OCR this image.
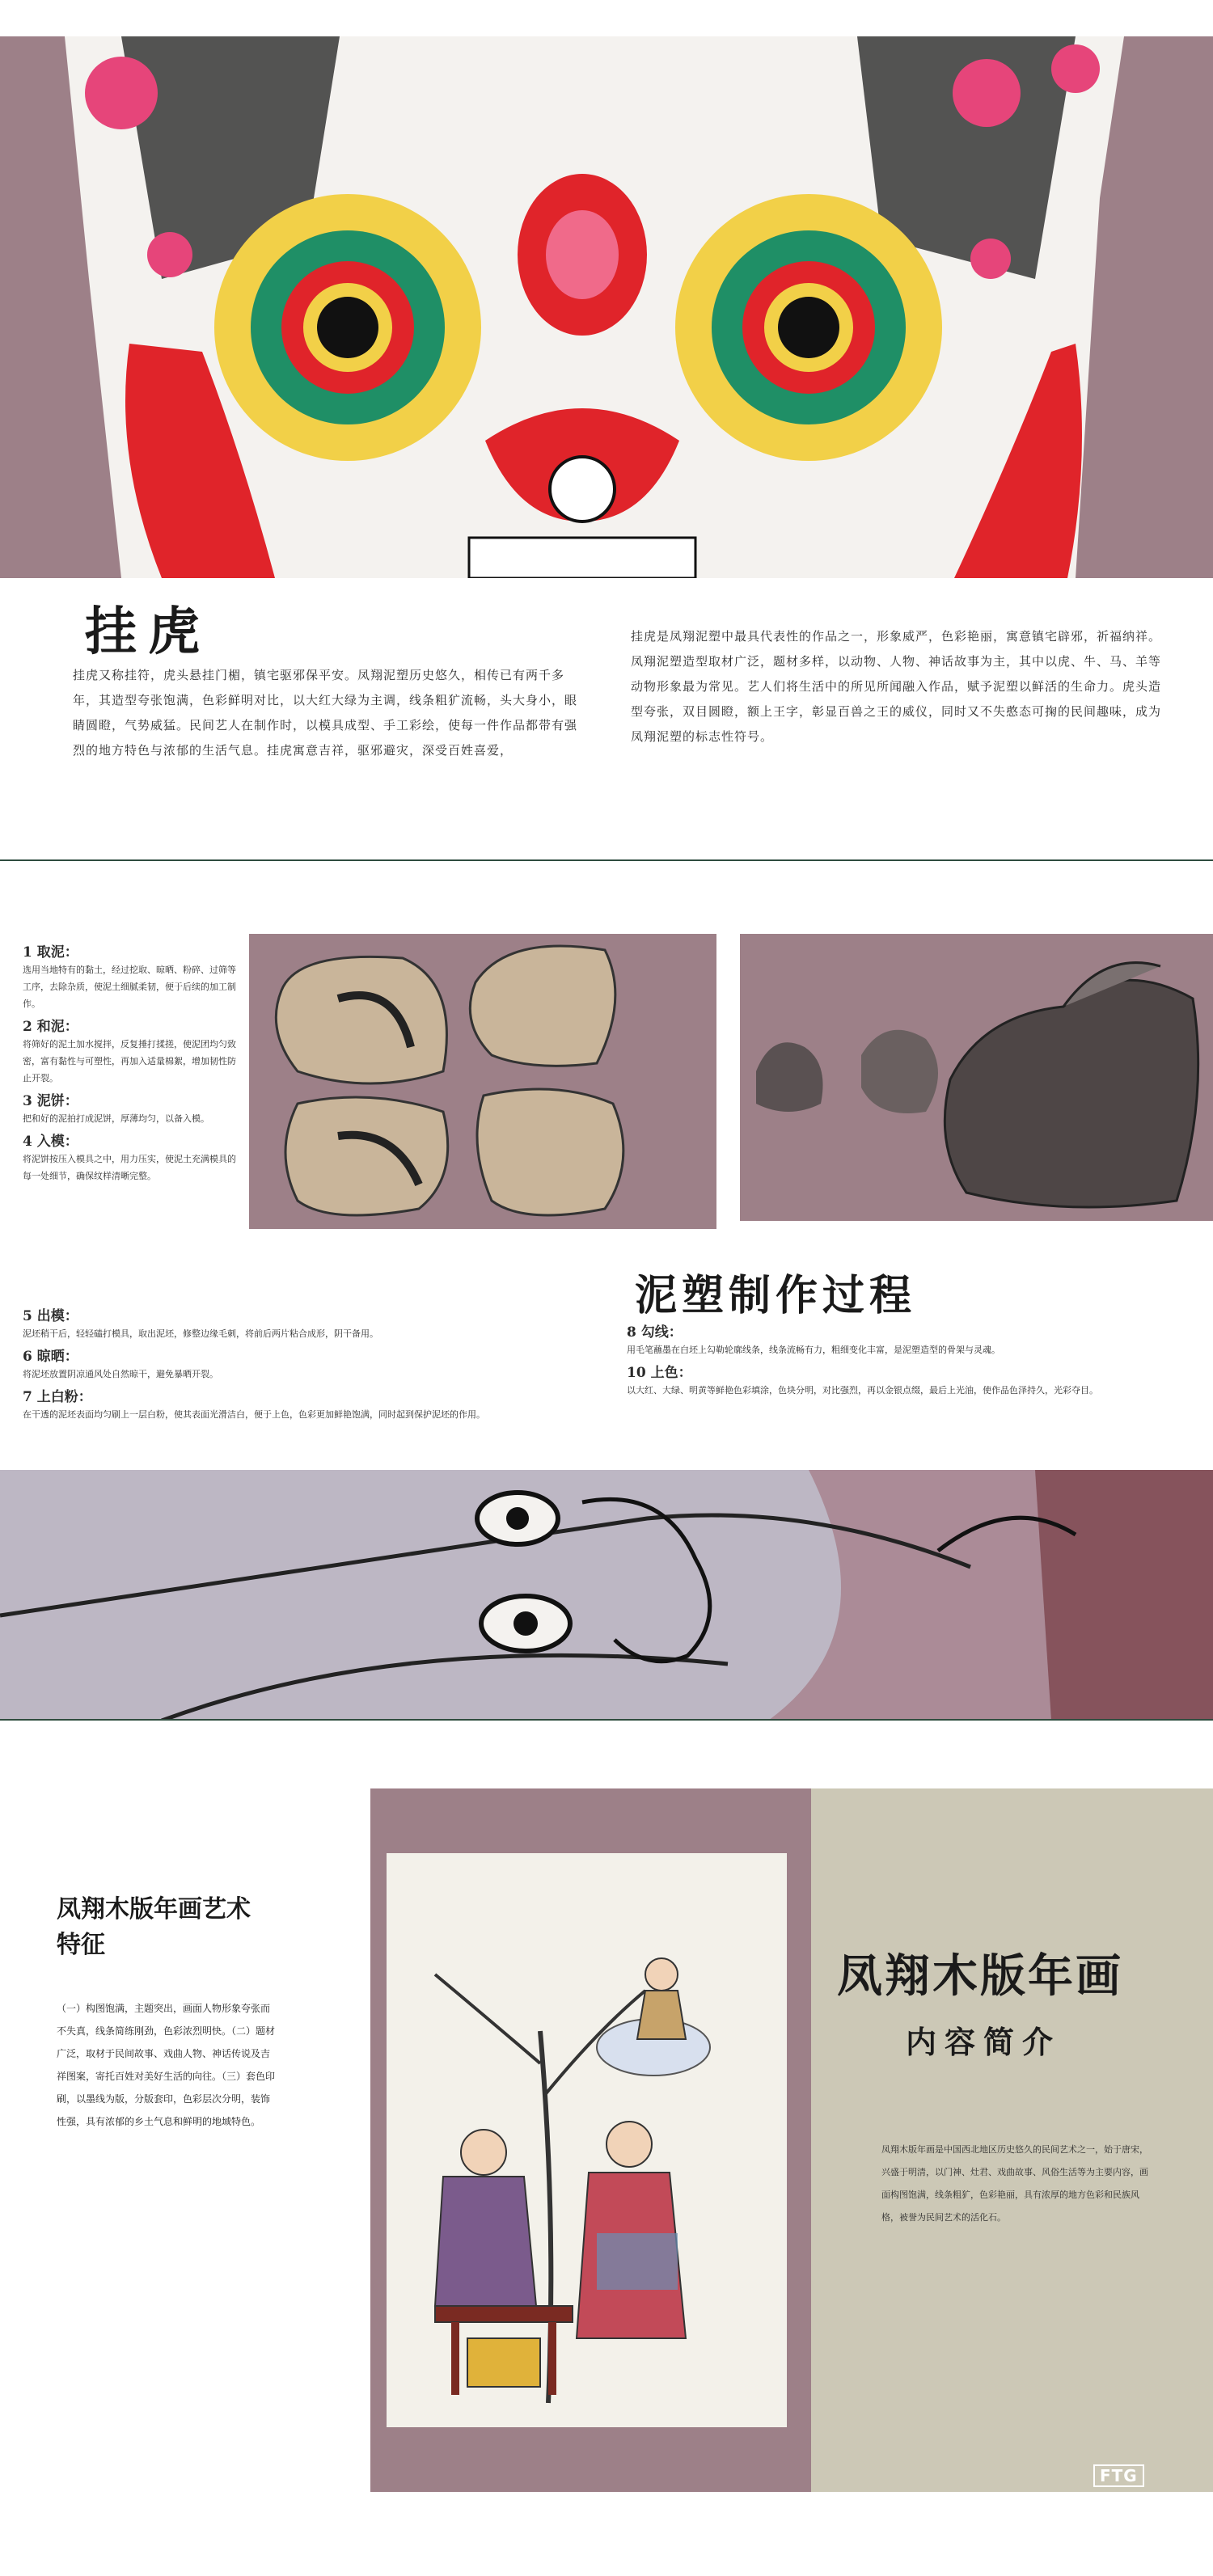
挂虎
挂虎又称挂符，虎头悬挂门楣，镇宅驱邪保平安。凤翔泥塑历史悠久，相传已有两千多年，其造型夸张饱满，色彩鲜明对比，以大红大绿为主调，线条粗犷流畅，头大身小，眼睛圆瞪，气势威猛。民间艺人在制作时，以模具成型、手工彩绘，使每一件作品都带有强烈的地方特色与浓郁的生活气息。挂虎寓意吉祥，驱邪避灾，深受百姓喜爱，
挂虎是凤翔泥塑中最具代表性的作品之一，形象威严，色彩艳丽，寓意镇宅辟邪，祈福纳祥。凤翔泥塑造型取材广泛，题材多样，以动物、人物、神话故事为主，其中以虎、牛、马、羊等动物形象最为常见。艺人们将生活中的所见所闻融入作品，赋予泥塑以鲜活的生命力。虎头造型夸张，双目圆瞪，额上王字，彰显百兽之王的威仪，同时又不失憨态可掬的民间趣味，成为凤翔泥塑的标志性符号。
1 取泥：
选用当地特有的黏土，经过挖取、晾晒、粉碎、过筛等工序，去除杂质，使泥土细腻柔韧，便于后续的加工制作。
2 和泥：
将筛好的泥土加水搅拌，反复捶打揉搓，使泥团均匀致密，富有黏性与可塑性，再加入适量棉絮，增加韧性防止开裂。
3 泥饼：
把和好的泥拍打成泥饼，厚薄均匀，以备入模。
4 入模：
将泥饼按压入模具之中，用力压实，使泥土充满模具的每一处细节，确保纹样清晰完整。
泥塑制作过程
5 出模：
泥坯稍干后，轻轻磕打模具，取出泥坯，修整边缘毛刺，将前后两片粘合成形，阴干备用。
6 晾晒：
将泥坯放置阴凉通风处自然晾干，避免暴晒开裂。
7 上白粉：
在干透的泥坯表面均匀刷上一层白粉，使其表面光滑洁白，便于上色，色彩更加鲜艳饱满，同时起到保护泥坯的作用。
8 勾线：
用毛笔蘸墨在白坯上勾勒轮廓线条，线条流畅有力，粗细变化丰富，是泥塑造型的骨架与灵魂。
10 上色：
以大红、大绿、明黄等鲜艳色彩填涂，色块分明，对比强烈，再以金银点缀，最后上光油，使作品色泽持久，光彩夺目。
凤翔木版年画艺术特征
（一）构图饱满，主题突出，画面人物形象夸张而不失真，线条简练刚劲，色彩浓烈明快。（二）题材广泛，取材于民间故事、戏曲人物、神话传说及吉祥图案，寄托百姓对美好生活的向往。（三）套色印刷，以墨线为版，分版套印，色彩层次分明，装饰性强，具有浓郁的乡土气息和鲜明的地域特色。
凤翔木版年画
内容简介
凤翔木版年画是中国西北地区历史悠久的民间艺术之一，始于唐宋，兴盛于明清，以门神、灶君、戏曲故事、风俗生活等为主要内容，画面构图饱满，线条粗犷，色彩艳丽，具有浓厚的地方色彩和民族风格，被誉为民间艺术的活化石。
FTG
